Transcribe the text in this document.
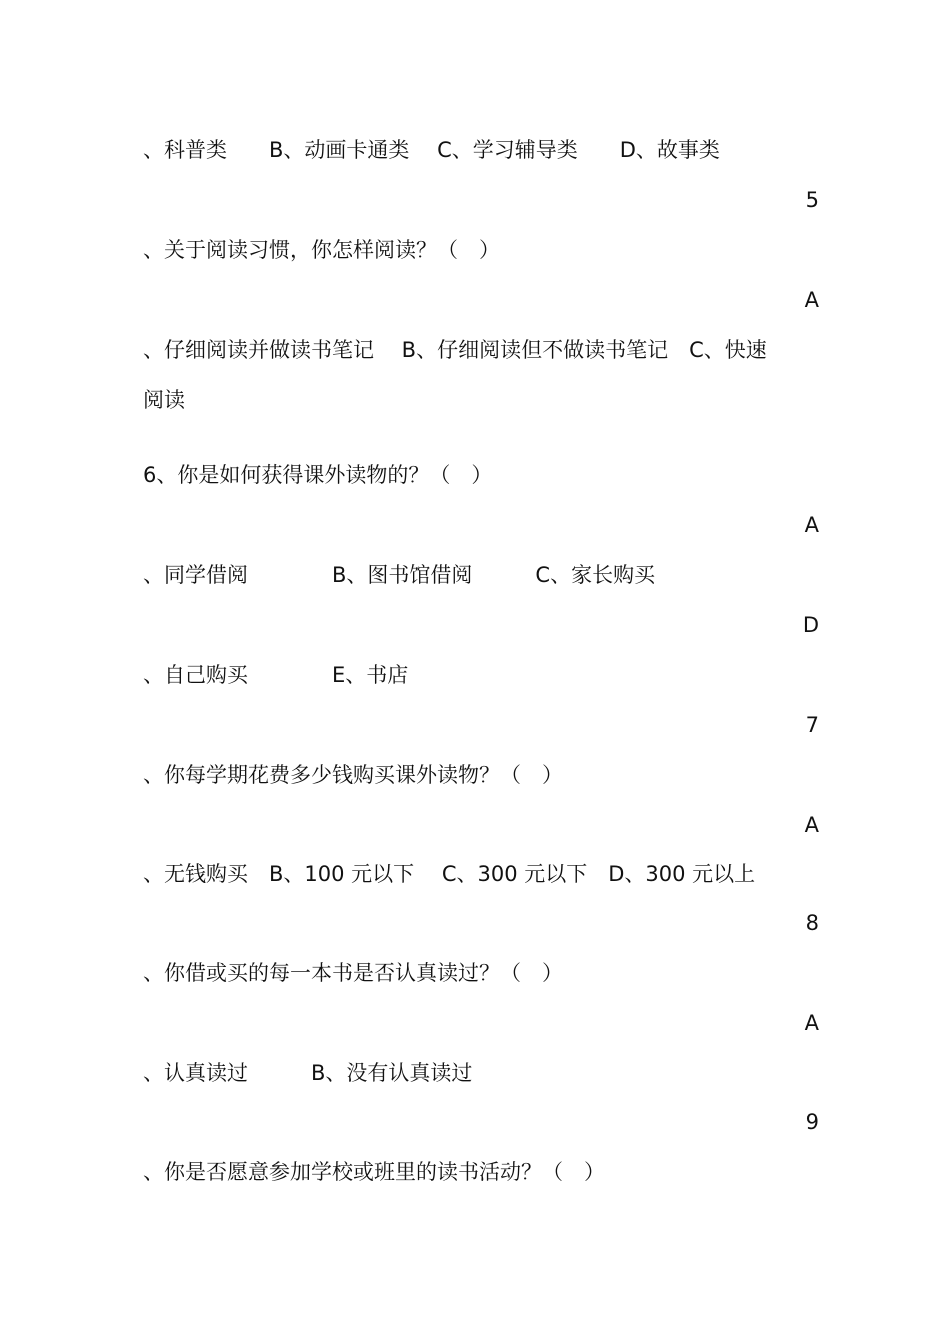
、科普类　　B、动画卡通类　 C、学习辅导类　　D、故事类
5
、关于阅读习惯，你怎样阅读？（　）
A
、仔细阅读并做读书笔记　 B、仔细阅读但不做读书笔记　C、快速
阅读
6、你是如何获得课外读物的？（　）
A
、同学借阅　　　　B、图书馆借阅　　　C、家长购买
D
、自己购买　　　　E、书店
7
、你每学期花费多少钱购买课外读物？（　）
A
、无钱购买　B、100 元以下　 C、300 元以下　D、300 元以上
8
、你借或买的每一本书是否认真读过？（　）
A
、认真读过　　　B、没有认真读过
9
、你是否愿意参加学校或班里的读书活动？（　）
